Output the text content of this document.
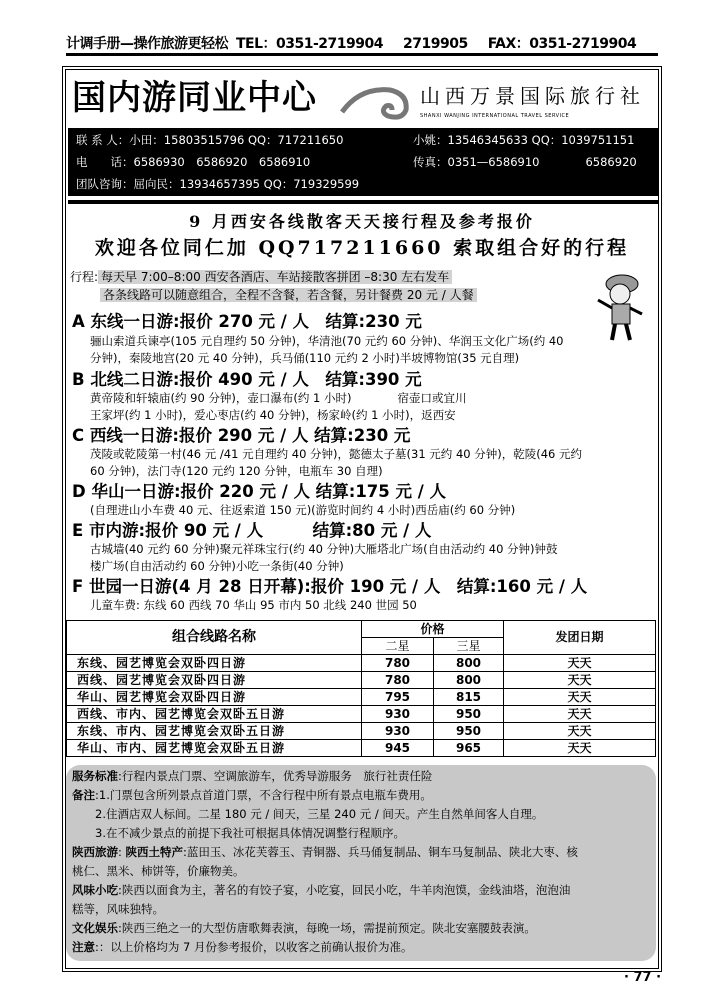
计调手册—操作旅游更轻松 TEL：0351-2719904 2719905 FAX：0351-2719904
国内游同业中心	山西万景国际旅行社
SHANXI WANJING INTERNATIONAL TRAVEL SERVICE
联 系 人：小田：15803515796 QQ：717211650	小姚：13546345633 QQ：1039751151
电　　话：6586930　6586920　6586910	传真：0351—6586910　　　　6586920
团队咨询：屈向民：13934657395 QQ：719329599
9 月西安各线散客天天接行程及参考报价
欢迎各位同仁加 QQ717211660 索取组合好的行程
行程: 每天早 7:00–8:00 西安各酒店、车站接散客拼团 –8:30 左右发车
各条线路可以随意组合，全程不含餐，若含餐，另计餐费 20 元 / 人餐
A 东线一日游:报价 270 元 / 人　结算:230 元
骊山索道兵谏亭(105 元自理约 50 分钟)，华清池(70 元约 60 分钟)、华润玉文化广场(约 40
分钟)，秦陵地宫(20 元 40 分钟)，兵马俑(110 元约 2 小时)半坡博物馆(35 元自理)
B 北线二日游:报价 490 元 / 人　结算:390 元
黄帝陵和轩辕庙(约 90 分钟)，壶口瀑布(约 1 小时)　　　　宿壶口或宜川
王家坪(约 1 小时)，爱心枣店(约 40 分钟)，杨家岭(约 1 小时)，返西安
C 西线一日游:报价 290 元 / 人 结算:230 元
茂陵或乾陵第一村(46 元 /41 元自理约 40 分钟)，懿德太子墓(31 元约 40 分钟)，乾陵(46 元约
60 分钟)，法门寺(120 元约 120 分钟，电瓶车 30 自理)
D 华山一日游:报价 220 元 / 人 结算:175 元 / 人
(自理进山小车费 40 元、往返索道 150 元)(游览时间约 4 小时)西岳庙(约 60 分钟)
E 市内游:报价 90 元 / 人　　　结算:80 元 / 人
古城墙(40 元约 60 分钟)聚元祥珠宝行(约 40 分钟)大雁塔北广场(自由活动约 40 分钟)钟鼓
楼广场(自由活动约 60 分钟)小吃一条街(40 分钟)
F 世园一日游(4 月 28 日开幕):报价 190 元 / 人　结算:160 元 / 人
儿童车费: 东线 60 西线 70 华山 95 市内 50 北线 240 世园 50
组合线路名称	价格		发团日期
	二星	三星	
东线、园艺博览会双卧四日游	780	800	天天
西线、园艺博览会双卧四日游	780	800	天天
华山、园艺博览会双卧四日游	795	815	天天
西线、市内、园艺博览会双卧五日游	930	950	天天
东线、市内、园艺博览会双卧五日游	930	950	天天
华山、市内、园艺博览会双卧五日游	945	965	天天
服务标准:行程内景点门票、空调旅游车，优秀导游服务　旅行社责任险
备注:1.门票包含所列景点首道门票，不含行程中所有景点电瓶车费用。
　　2.住酒店双人标间。二星 180 元 / 间天，三星 240 元 / 间天。产生自然单间客人自理。
　　3.在不减少景点的前提下我社可根据具体情况调整行程顺序。
陕西旅游: 陕西土特产:蓝田玉、冰花芙蓉玉、青铜器、兵马俑复制品、铜车马复制品、陕北大枣、核
桃仁、黑米、柿饼等，价廉物美。
风味小吃:陕西以面食为主，著名的有饺子宴，小吃宴，回民小吃，牛羊肉泡馍，金线油塔，泡泡油
糕等，风味独特。
文化娱乐:陕西三绝之一的大型仿唐歌舞表演，每晚一场，需提前预定。陕北安塞腰鼓表演。
注意:：以上价格均为 7 月份参考报价，以收客之前确认报价为准。
· 77 ·
